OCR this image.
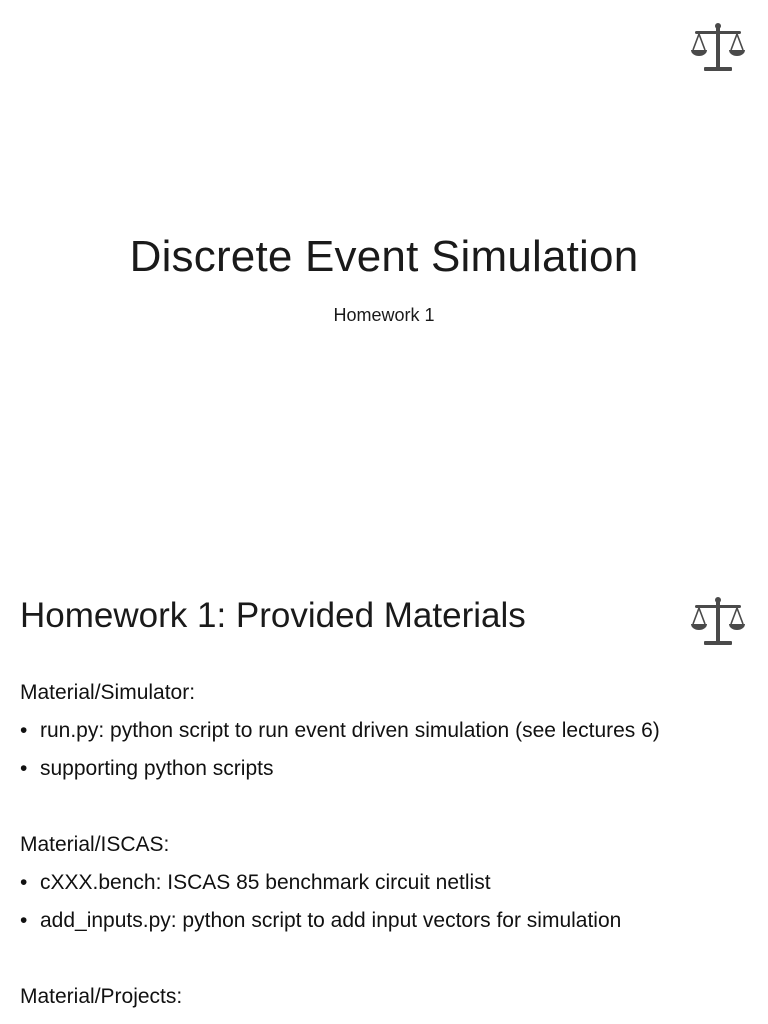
Discrete Event Simulation

Homework 1

Homework 1: Provided Materials

Material/Simulator:

• run.py: python script to run event driven simulation (see lectures 6)
• supporting python scripts

Material/ISCAS:

• cXXX.bench: ISCAS 85 benchmark circuit netlist
• add_inputs.py: python script to add input vectors for simulation

Material/Projects:
